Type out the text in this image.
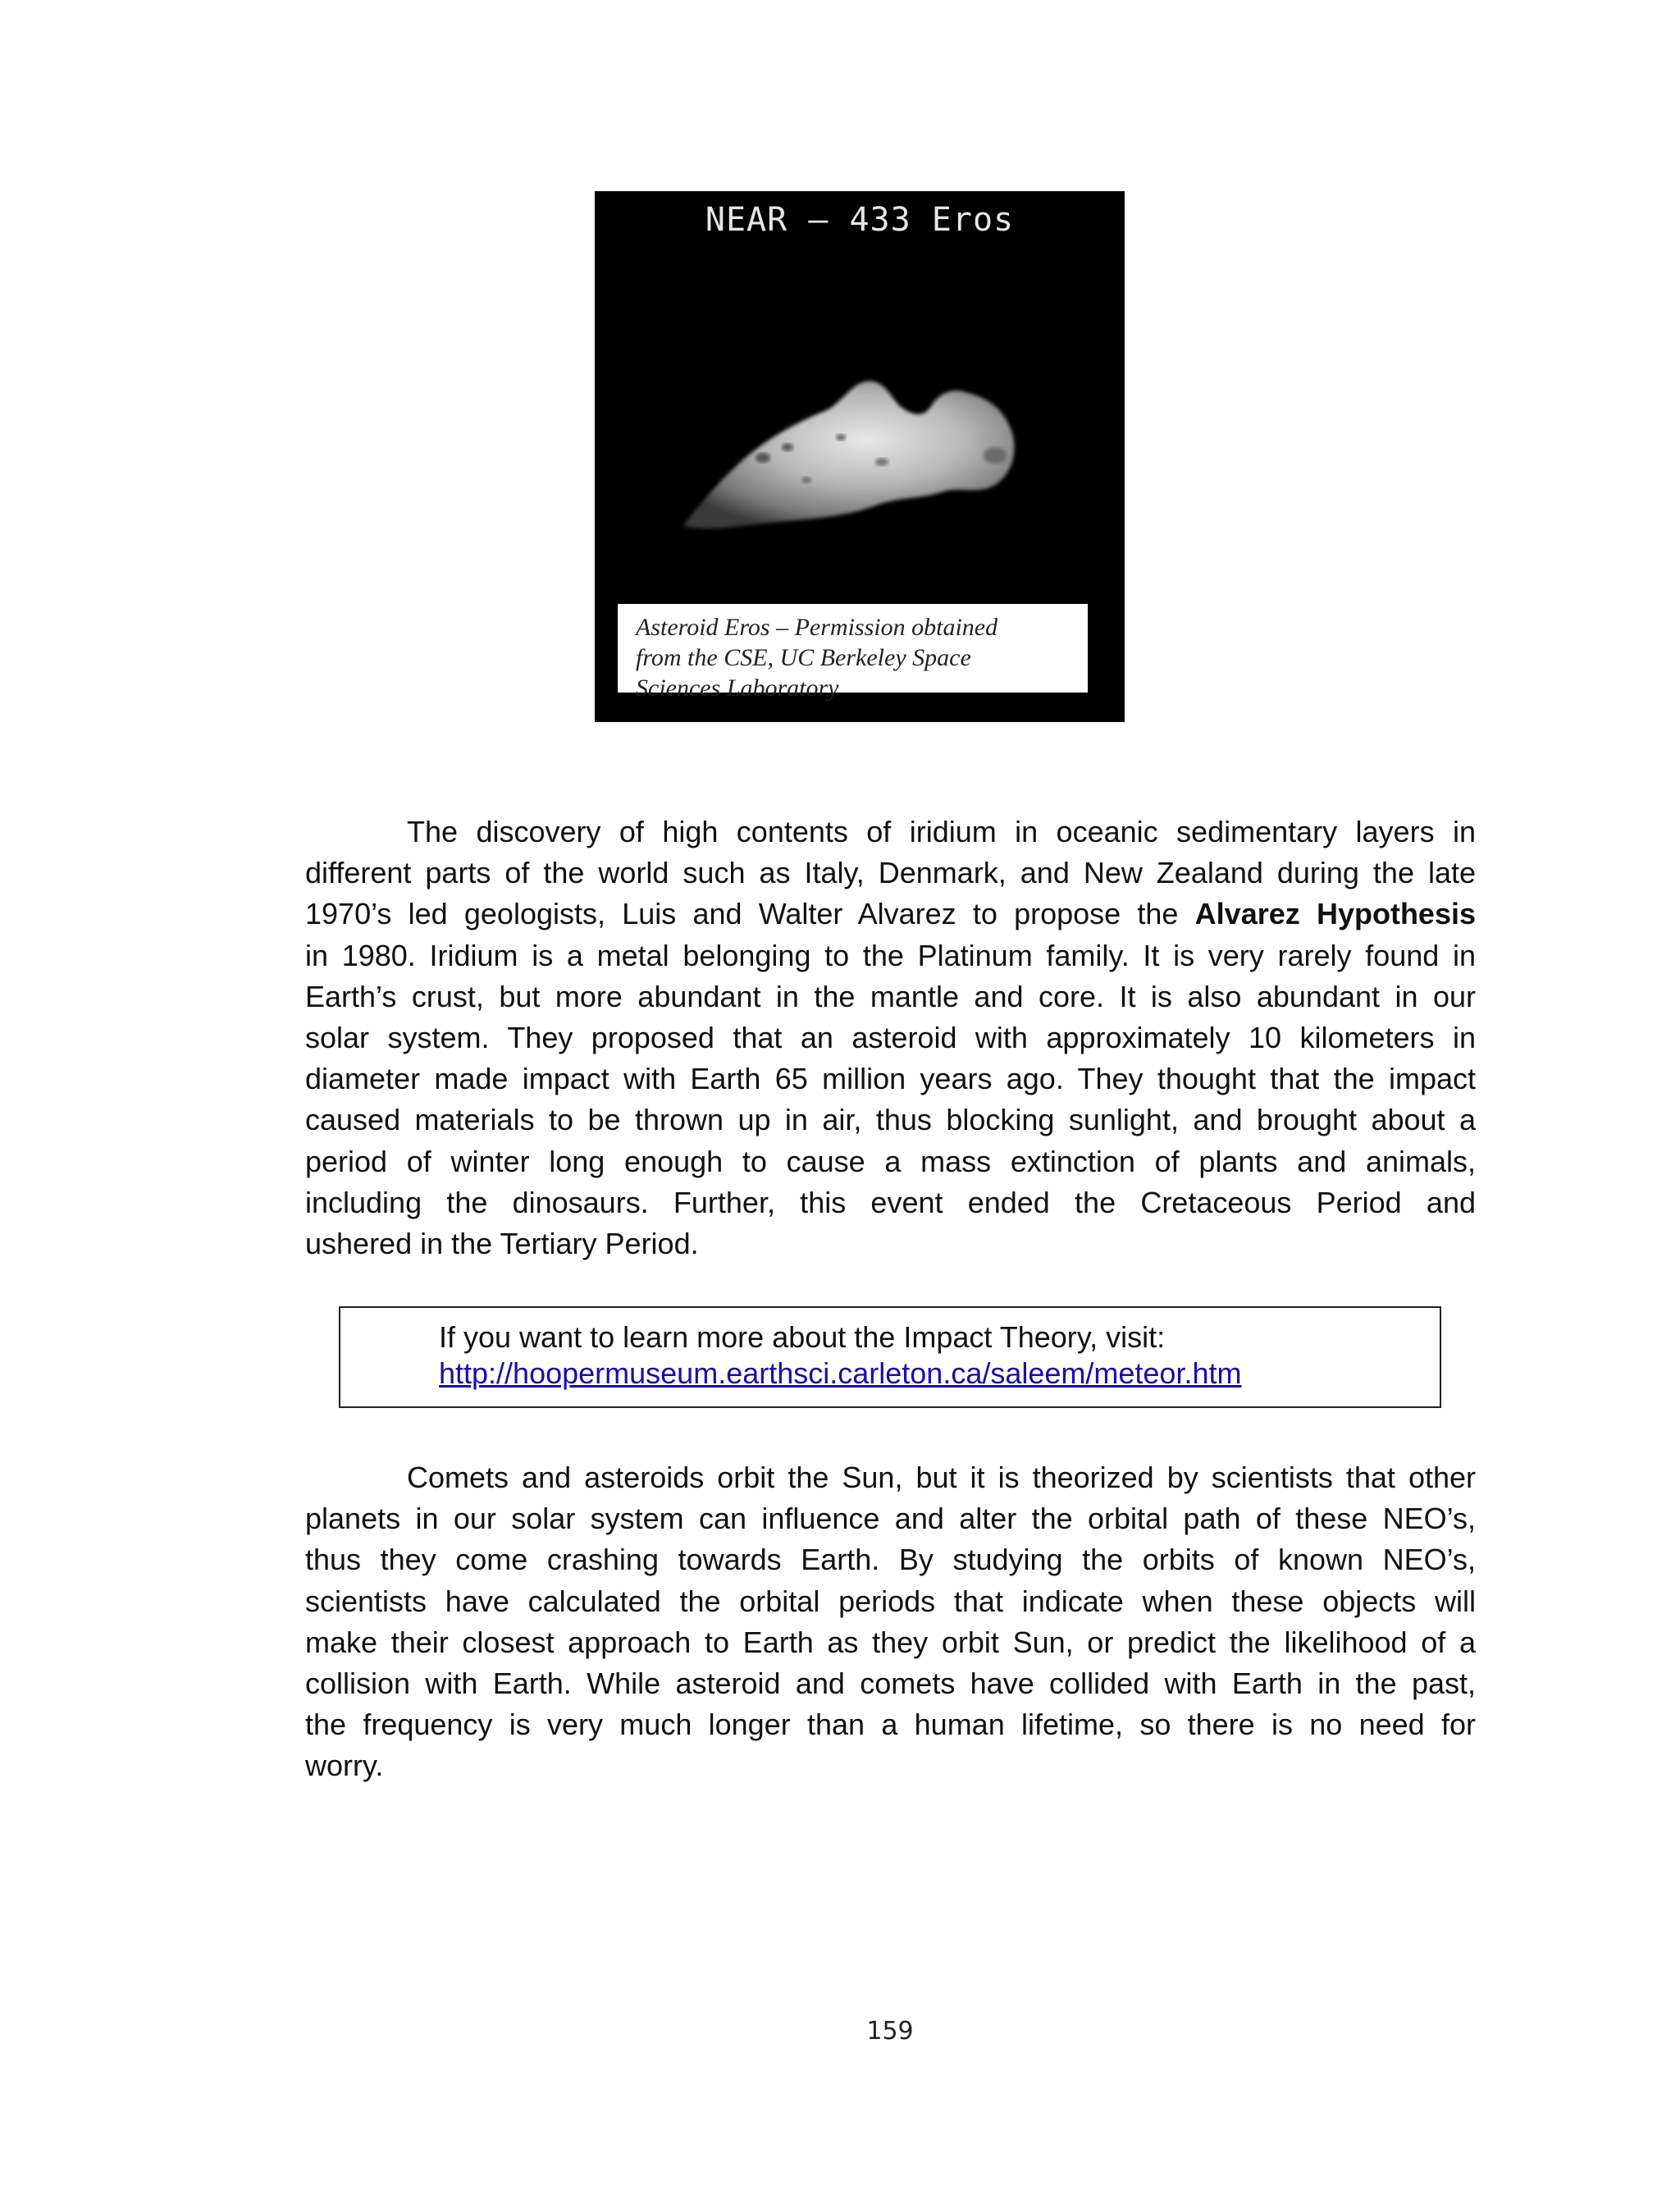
NEAR — 433 Eros
Asteroid Eros – Permission obtained
from the CSE, UC Berkeley Space
Sciences Laboratory
The discovery of high contents of iridium in oceanic sedimentary layers in
different parts of the world such as Italy, Denmark, and New Zealand during the late
1970’s led geologists, Luis and Walter Alvarez to propose the Alvarez Hypothesis
in 1980. Iridium is a metal belonging to the Platinum family. It is very rarely found in
Earth’s crust, but more abundant in the mantle and core. It is also abundant in our
solar system. They proposed that an asteroid with approximately 10 kilometers in
diameter made impact with Earth 65 million years ago. They thought that the impact
caused materials to be thrown up in air, thus blocking sunlight, and brought about a
period of winter long enough to cause a mass extinction of plants and animals,
including the dinosaurs. Further, this event ended the Cretaceous Period and
ushered in the Tertiary Period.
If you want to learn more about the Impact Theory, visit:
http://hoopermuseum.earthsci.carleton.ca/saleem/meteor.htm
Comets and asteroids orbit the Sun, but it is theorized by scientists that other
planets in our solar system can influence and alter the orbital path of these NEO’s,
thus they come crashing towards Earth. By studying the orbits of known NEO’s,
scientists have calculated the orbital periods that indicate when these objects will
make their closest approach to Earth as they orbit Sun, or predict the likelihood of a
collision with Earth. While asteroid and comets have collided with Earth in the past,
the frequency is very much longer than a human lifetime, so there is no need for
worry.
159
